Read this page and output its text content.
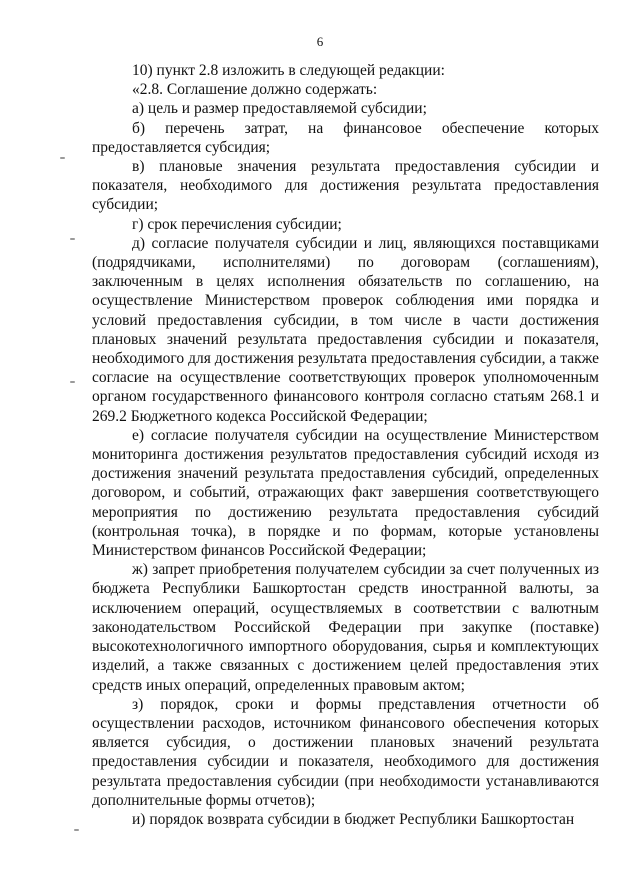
6

10) пункт 2.8 изложить в следующей редакции:

«2.8. Соглашение должно содержать:

а) цель и размер предоставляемой субсидии;

б) перечень затрат, на финансовое обеспечение которых предоставляется субсидия;

в) плановые значения результата предоставления субсидии и показателя, необходимого для достижения результата предоставления субсидии;

г) срок перечисления субсидии;

д) согласие получателя субсидии и лиц, являющихся поставщиками (подрядчиками, исполнителями) по договорам (соглашениям), заключенным в целях исполнения обязательств по соглашению, на осуществление Министерством проверок соблюдения ими порядка и условий предоставления субсидии, в том числе в части достижения плановых значений результата предоставления субсидии и показателя, необходимого для достижения результата предоставления субсидии, а также согласие на осуществление соответствующих проверок уполномоченным органом государственного финансового контроля согласно статьям 268.1 и 269.2 Бюджетного кодекса Российской Федерации;

е) согласие получателя субсидии на осуществление Министерством мониторинга достижения результатов предоставления субсидий исходя из достижения значений результата предоставления субсидий, определенных договором, и событий, отражающих факт завершения соответствующего мероприятия по достижению результата предоставления субсидий (контрольная точка), в порядке и по формам, которые установлены Министерством финансов Российской Федерации;

ж) запрет приобретения получателем субсидии за счет полученных из бюджета Республики Башкортостан средств иностранной валюты, за исключением операций, осуществляемых в соответствии с валютным законодательством Российской Федерации при закупке (поставке) высокотехнологичного импортного оборудования, сырья и комплектующих изделий, а также связанных с достижением целей предоставления этих средств иных операций, определенных правовым актом;

з) порядок, сроки и формы представления отчетности об осуществлении расходов, источником финансового обеспечения которых является субсидия, о достижении плановых значений результата предоставления субсидии и показателя, необходимого для достижения результата предоставления субсидии (при необходимости устанавливаются дополнительные формы отчетов);

и) порядок возврата субсидии в бюджет Республики Башкортостан
